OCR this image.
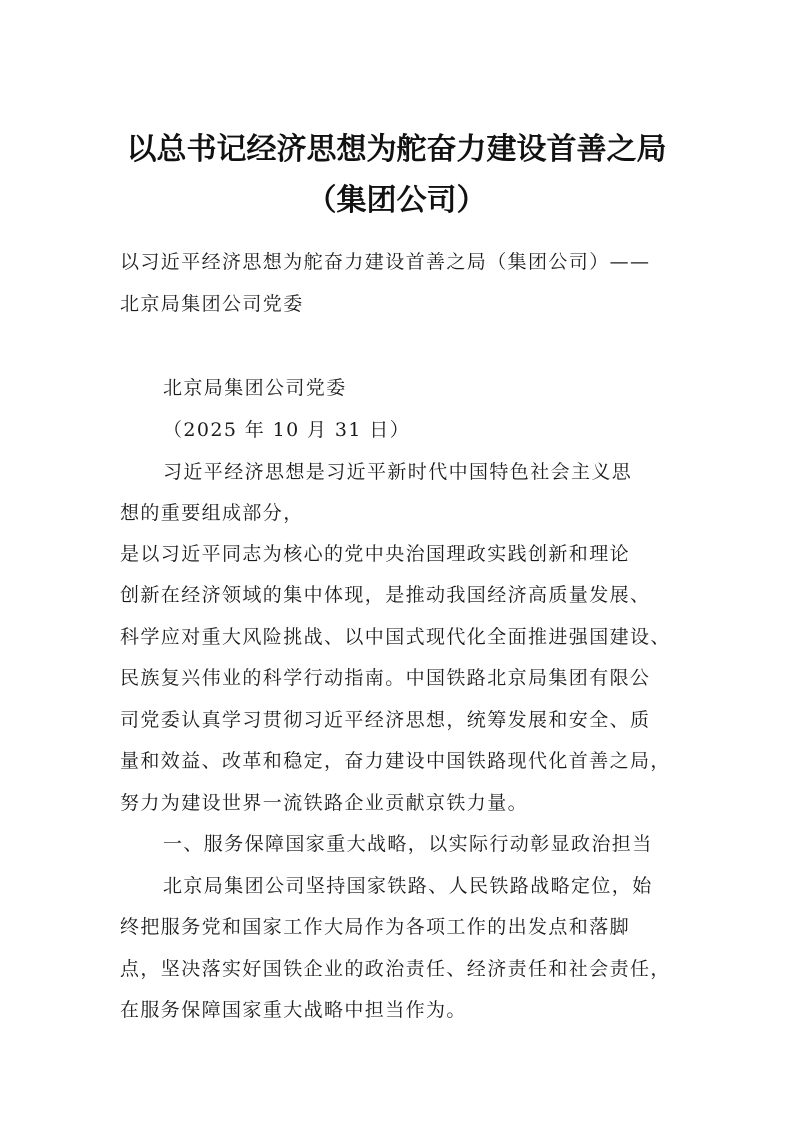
以总书记经济思想为舵奋力建设首善之局
（集团公司）

以习近平经济思想为舵奋力建设首善之局（集团公司）——

北京局集团公司党委

北京局集团公司党委

（2025 年 10 月 31 日）

习近平经济思想是习近平新时代中国特色社会主义思

想的重要组成部分，

是以习近平同志为核心的党中央治国理政实践创新和理论

创新在经济领域的集中体现，是推动我国经济高质量发展、

科学应对重大风险挑战、以中国式现代化全面推进强国建设、

民族复兴伟业的科学行动指南。中国铁路北京局集团有限公

司党委认真学习贯彻习近平经济思想，统筹发展和安全、质

量和效益、改革和稳定，奋力建设中国铁路现代化首善之局，

努力为建设世界一流铁路企业贡献京铁力量。

一、服务保障国家重大战略，以实际行动彰显政治担当

北京局集团公司坚持国家铁路、人民铁路战略定位，始

终把服务党和国家工作大局作为各项工作的出发点和落脚

点，坚决落实好国铁企业的政治责任、经济责任和社会责任，

在服务保障国家重大战略中担当作为。
